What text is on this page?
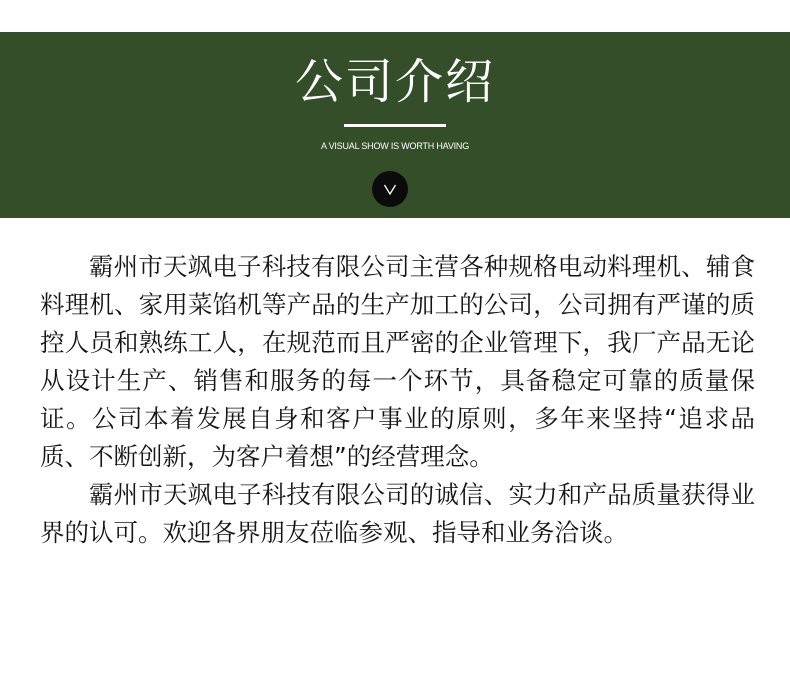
公司介绍
A VISUAL SHOW IS WORTH HAVING

霸州市天飒电子科技有限公司主营各种规格电动料理机、辅食料理机、家用菜馅机等产品的生产加工的公司，公司拥有严谨的质控人员和熟练工人，在规范而且严密的企业管理下，我厂产品无论从设计生产、销售和服务的每一个环节，具备稳定可靠的质量保证。公司本着发展自身和客户事业的原则，多年来坚持“追求品质、不断创新，为客户着想”的经营理念。

霸州市天飒电子科技有限公司的诚信、实力和产品质量获得业界的认可。欢迎各界朋友莅临参观、指导和业务洽谈。
